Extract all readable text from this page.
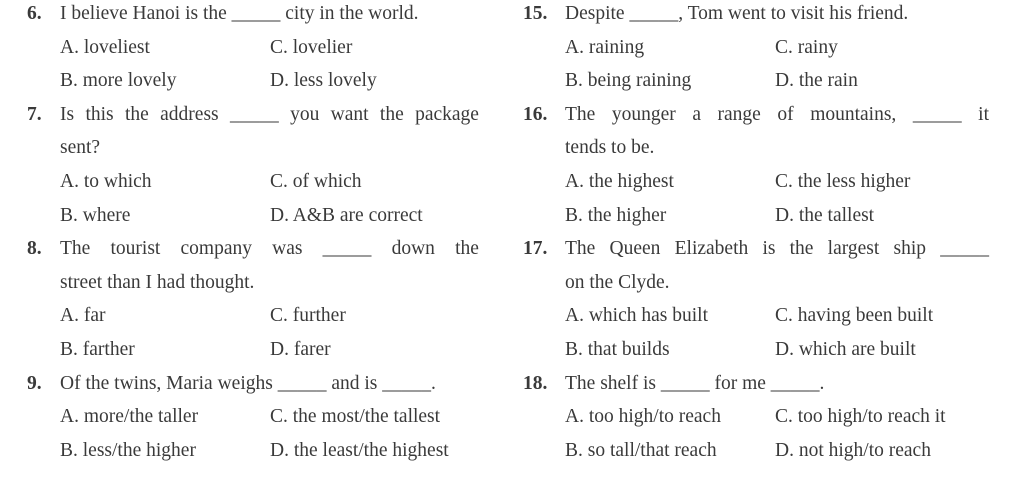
6. I believe Hanoi is the _____ city in the world.
A. loveliest	C. lovelier
B. more lovely	D. less lovely
7. Is this the address _____ you want the package
sent?
A. to which	C. of which
B. where	D. A&B are correct
8. The tourist company was _____ down the
street than I had thought.
A. far	C. further
B. farther	D. farer
9. Of the twins, Maria weighs _____ and is _____.
A. more/the taller	C. the most/the tallest
B. less/the higher	D. the least/the highest
15. Despite _____, Tom went to visit his friend.
A. raining	C. rainy
B. being raining	D. the rain
16. The younger a range of mountains, _____ it
tends to be.
A. the highest	C. the less higher
B. the higher	D. the tallest
17. The Queen Elizabeth is the largest ship _____
on the Clyde.
A. which has built	C. having been built
B. that builds	D. which are built
18. The shelf is _____ for me _____.
A. too high/to reach	C. too high/to reach it
B. so tall/that reach	D. not high/to reach
